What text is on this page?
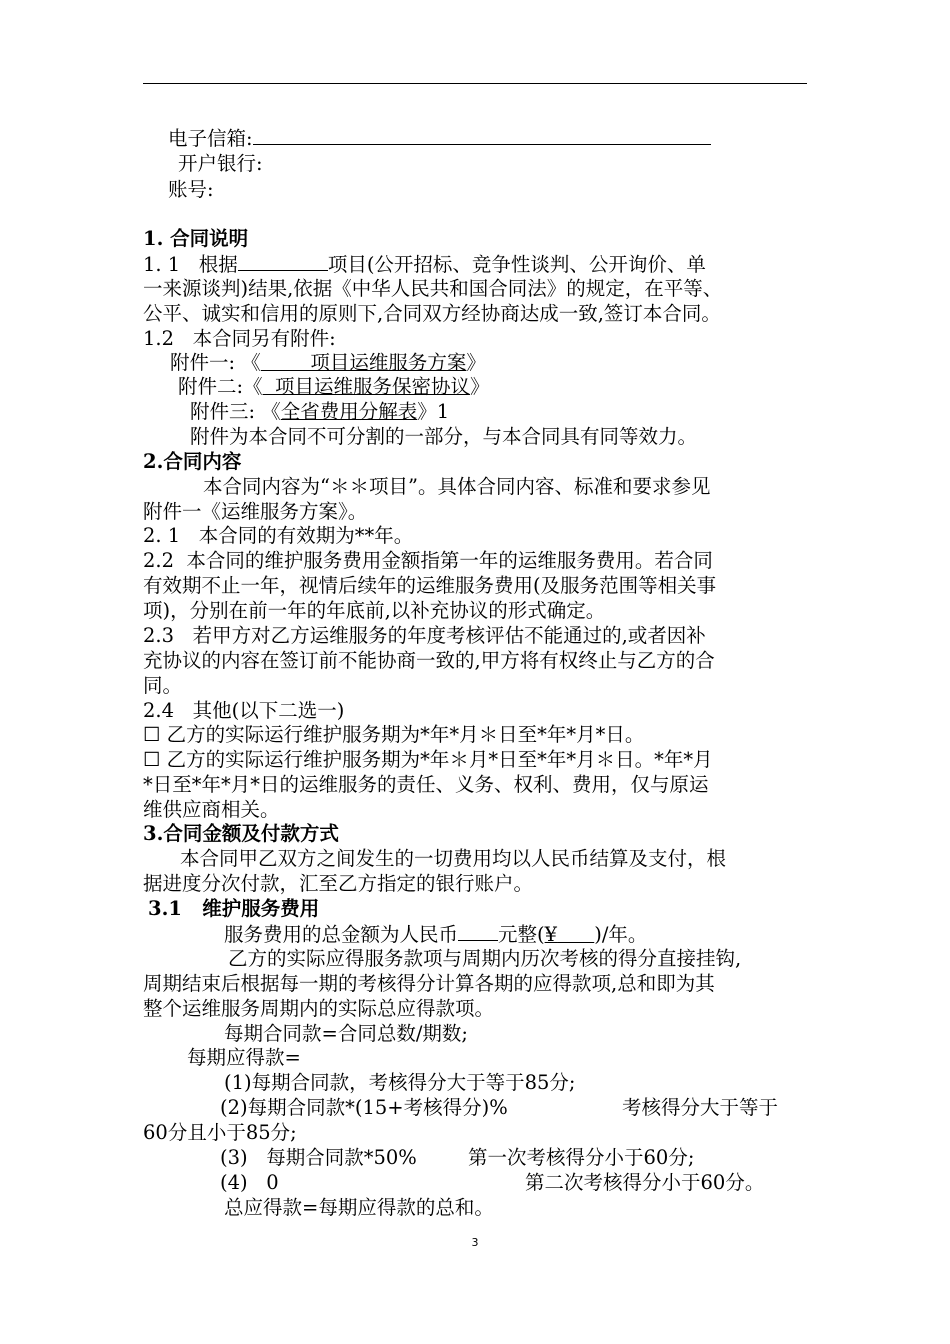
电子信箱:
开户银行:
账号:
1. 合同说明
1. 1   根据	项目(公开招标、竞争性谈判、公开询价、单
一来源谈判)结果,依据《中华人民共和国合同法》的规定，在平等、
公平、诚实和信用的原则下,合同双方经协商达成一致,签订本合同。
1.2   本合同另有附件:
附件一: 《        项目运维服务方案》
附件二:《  项目运维服务保密协议》
附件三: 《全省费用分解表》1
附件为本合同不可分割的一部分，与本合同具有同等效力。
2.合同内容
本合同内容为“＊＊项目”。具体合同内容、标准和要求参见
附件一《运维服务方案》。
2. 1   本合同的有效期为**年。
2.2  本合同的维护服务费用金额指第一年的运维服务费用。若合同
有效期不止一年，视情后续年的运维服务费用(及服务范围等相关事
项)，分别在前一年的年底前,以补充协议的形式确定。
2.3   若甲方对乙方运维服务的年度考核评估不能通过的,或者因补
充协议的内容在签订前不能协商一致的,甲方将有权终止与乙方的合
同。
2.4   其他(以下二选一)
☐ 乙方的实际运行维护服务期为*年*月＊日至*年*月*日。
☐ 乙方的实际运行维护服务期为*年＊月*日至*年*月＊日。*年*月
*日至*年*月*日的运维服务的责任、义务、权利、费用，仅与原运
维供应商相关。
3.合同金额及付款方式
本合同甲乙双方之间发生的一切费用均以人民币结算及支付，根
据进度分次付款，汇至乙方指定的银行账户。
3.1   维护服务费用
服务费用的总金额为人民币 元整(¥ )/年。
乙方的实际应得服务款项与周期内历次考核的得分直接挂钩,
周期结束后根据每一期的考核得分计算各期的应得款项,总和即为其
整个运维服务周期内的实际总应得款项。
每期合同款=合同总数/期数;
每期应得款=
(1)每期合同款，考核得分大于等于85分;
(2)每期合同款*(15+考核得分)%	考核得分大于等于
60分且小于85分;
(3)   每期合同款*50%	第一次考核得分小于60分;
(4)   0	第二次考核得分小于60分。
总应得款=每期应得款的总和。
3
